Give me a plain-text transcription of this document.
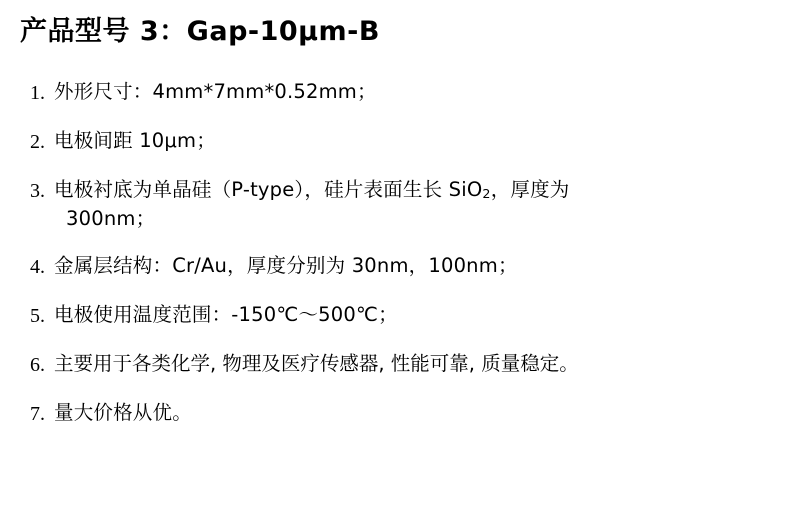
产品型号 3：Gap-10μm-B
1. 外形尺寸：4mm*7mm*0.52mm；
2. 电极间距 10μm；
3. 电极衬底为单晶硅（P-type），硅片表面生长 SiO$_2$，厚度为
300nm；
4. 金属层结构：Cr/Au，厚度分别为 30nm，100nm；
5. 电极使用温度范围：-150℃～500℃；
6. 主要用于各类化学, 物理及医疗传感器, 性能可靠, 质量稳定。
7. 量大价格从优。
